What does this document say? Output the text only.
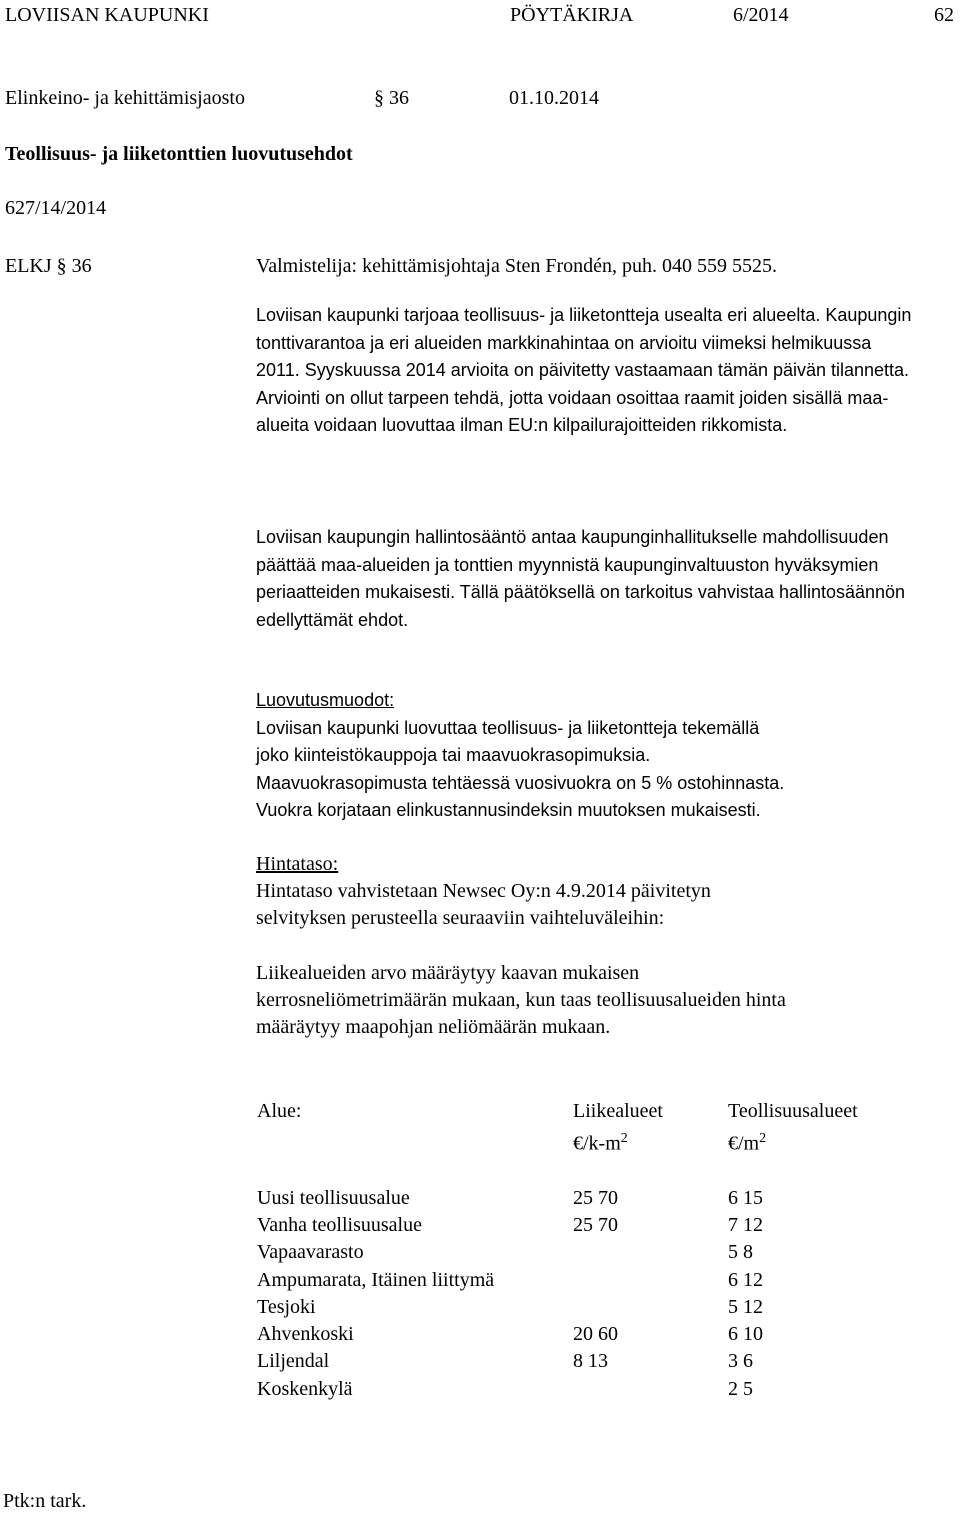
LOVIISAN KAUPUNKI	PÖYTÄKIRJA	6/2014	62
Elinkeino- ja kehittämisjaosto	§ 36	01.10.2014
Teollisuus- ja liiketonttien luovutusehdot
627/14/2014
ELKJ § 36	Valmistelija: kehittämisjohtaja Sten Frondén, puh. 040 559 5525.

Loviisan kaupunki tarjoaa teollisuus- ja liiketontteja usealta eri alueelta. Kaupungin tonttivarantoa ja eri alueiden markkinahintaa on arvioitu viimeksi helmikuussa 2011. Syyskuussa 2014 arvioita on päivitetty vastaamaan tämän päivän tilannetta. Arviointi on ollut tarpeen tehdä, jotta voidaan osoittaa raamit joiden sisällä maa-alueita voidaan luovuttaa ilman EU:n kilpailurajoitteiden rikkomista.

Loviisan kaupungin hallintosääntö antaa kaupunginhallitukselle mahdollisuuden päättää maa-alueiden ja tonttien myynnistä kaupunginvaltuuston hyväksymien periaatteiden mukaisesti. Tällä päätöksellä on tarkoitus vahvistaa hallintosäännön edellyttämät ehdot.

Luovutusmuodot:

Loviisan kaupunki luovuttaa teollisuus- ja liiketontteja tekemällä

joko kiinteistökauppoja tai maavuokrasopimuksia.

Maavuokrasopimusta tehtäessä vuosivuokra on 5 % ostohinnasta.

Vuokra korjataan elinkustannusindeksin muutoksen mukaisesti.

Hintataso:

Hintataso vahvistetaan Newsec Oy:n 4.9.2014 päivitetyn

selvityksen perusteella seuraaviin vaihteluväleihin:

Liikealueiden arvo määräytyy kaavan mukaisen

kerrosneliömetrimäärän mukaan, kun taas teollisuusalueiden hinta

määräytyy maapohjan neliömäärän mukaan.

Alue:	Liikealueet	Teollisuusalueet
	$€/k-m^2$	$€/m^2$

Uusi teollisuusalue	25 70	6 15
Vanha teollisuusalue	25 70	7 12
Vapaavarasto		5 8
Ampumarata, Itäinen liittymä		6 12
Tesjoki		5 12
Ahvenkoski	20 60	6 10
Liljendal	8 13	3 6
Koskenkylä		2 5
Ptk:n tark.
